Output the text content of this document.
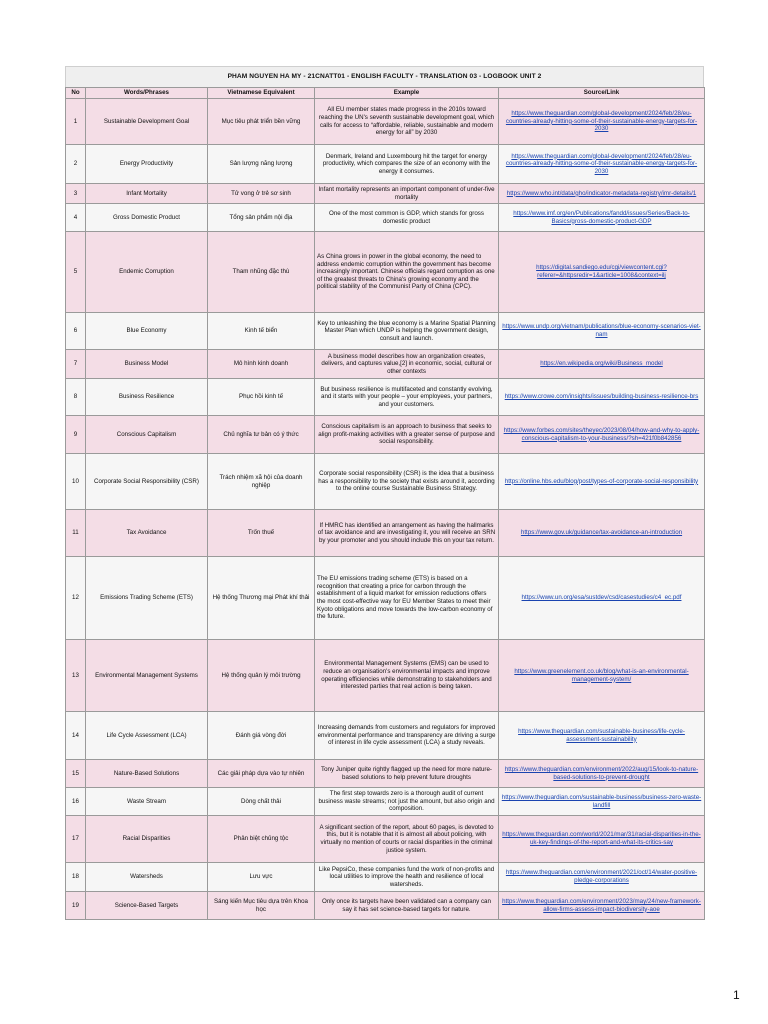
PHAM NGUYEN HA MY - 21CNATT01 - ENGLISH FACULTY - TRANSLATION 03 - LOGBOOK UNIT 2
No	Words/Phrases	Vietnamese Equivalent	Example	Source/Link
1	Sustainable Development Goal	Mục tiêu phát triển bền vững	All EU member states made progress in the 2010s toward reaching the UN's seventh sustainable development goal, which calls for access to “affordable, reliable, sustainable and modern energy for all” by 2030	https://www.theguardian.com/global-development/2024/feb/28/eu-countries-already-hitting-some-of-their-sustainable-energy-targets-for-2030
2	Energy Productivity	Sản lượng năng lượng	Denmark, Ireland and Luxembourg hit the target for energy productivity, which compares the size of an economy with the energy it consumes.	https://www.theguardian.com/global-development/2024/feb/28/eu-countries-already-hitting-some-of-their-sustainable-energy-targets-for-2030
3	Infant Mortality	Tử vong ở trẻ sơ sinh	Infant mortality represents an important component of under-five mortality	https://www.who.int/data/gho/indicator-metadata-registry/imr-details/1
4	Gross Domestic Product	Tổng sản phẩm nội địa	One of the most common is GDP, which stands for gross domestic product	https://www.imf.org/en/Publications/fandd/issues/Series/Back-to-Basics/gross-domestic-product-GDP
5	Endemic Corruption	Tham nhũng đặc thù	As China grows in power in the global economy, the need to address endemic corruption within the government has become increasingly important. Chinese officials regard corruption as one of the greatest threats to China's growing economy and the political stability of the Communist Party of China (CPC).	https://digital.sandiego.edu/cgi/viewcontent.cgi?referer=&httpsredir=1&article=1008&context=ilj
6	Blue Economy	Kinh tế biển	Key to unleashing the blue economy is a Marine Spatial Planning Master Plan which UNDP is helping the government design, consult and launch.	https://www.undp.org/vietnam/publications/blue-economy-scenarios-viet-nam
7	Business Model	Mô hình kinh doanh	A business model describes how an organization creates, delivers, and captures value,[2] in economic, social, cultural or other contexts	https://en.wikipedia.org/wiki/Business_model
8	Business Resilience	Phục hồi kinh tế	But business resilience is multifaceted and constantly evolving, and it starts with your people – your employees, your partners, and your customers.	https://www.crowe.com/insights/issues/building-business-resilience-brs
9	Conscious Capitalism	Chủ nghĩa tư bản có ý thức	Conscious capitalism is an approach to business that seeks to align profit-making activities with a greater sense of purpose and social responsibility.	https://www.forbes.com/sites/theyec/2023/08/04/how-and-why-to-apply-conscious-capitalism-to-your-business/?sh=421f0b842856
10	Corporate Social Responsibility (CSR)	Trách nhiệm xã hội của doanh nghiệp	Corporate social responsibility (CSR) is the idea that a business has a responsibility to the society that exists around it, according to the online course Sustainable Business Strategy.	https://online.hbs.edu/blog/post/types-of-corporate-social-responsibility
11	Tax Avoidance	Trốn thuế	If HMRC has identified an arrangement as having the hallmarks of tax avoidance and are investigating it, you will receive an SRN by your promoter and you should include this on your tax return.	https://www.gov.uk/guidance/tax-avoidance-an-introduction
12	Emissions Trading Scheme (ETS)	Hệ thống Thương mại Phát khí thải	The EU emissions trading scheme (ETS) is based on a recognition that creating a price for carbon through the establishment of a liquid market for emission reductions offers the most cost-effective way for EU Member States to meet their Kyoto obligations and move towards the low-carbon economy of the future.	https://www.un.org/esa/sustdev/csd/casestudies/c4_ec.pdf
13	Environmental Management Systems	Hệ thống quản lý môi trường	Environmental Management Systems (EMS) can be used to reduce an organisation's environmental impacts and improve operating efficiencies while demonstrating to stakeholders and interested parties that real action is being taken.	https://www.greenelement.co.uk/blog/what-is-an-environmental-management-system/
14	Life Cycle Assessment (LCA)	Đánh giá vòng đời	Increasing demands from customers and regulators for improved environmental performance and transparency are driving a surge of interest in life cycle assessment (LCA) a study reveals.	https://www.theguardian.com/sustainable-business/life-cycle-assessment-sustainability
15	Nature-Based Solutions	Các giải pháp dựa vào tự nhiên	Tony Juniper quite rightly flagged up the need for more nature-based solutions to help prevent future droughts	https://www.theguardian.com/environment/2022/aug/15/look-to-nature-based-solutions-to-prevent-drought
16	Waste Stream	Dòng chất thải	The first step towards zero is a thorough audit of current business waste streams; not just the amount, but also origin and composition.	https://www.theguardian.com/sustainable-business/business-zero-waste-landfill
17	Racial Disparities	Phân biệt chủng tộc	A significant section of the report, about 60 pages, is devoted to this, but it is notable that it is almost all about policing, with virtually no mention of courts or racial disparities in the criminal justice system.	https://www.theguardian.com/world/2021/mar/31/racial-disparities-in-the-uk-key-findings-of-the-report-and-what-its-critics-say
18	Watersheds	Lưu vực	Like PepsiCo, these companies fund the work of non-profits and local utilities to improve the health and resilience of local watersheds.	https://www.theguardian.com/environment/2021/oct/14/water-positive-pledge-corporations
19	Science-Based Targets	Sáng kiến Mục tiêu dựa trên Khoa học	Only once its targets have been validated can a company can say it has set science-based targets for nature.	https://www.theguardian.com/environment/2023/may/24/new-framework-allow-firms-assess-impact-biodiversity-aoe
1
